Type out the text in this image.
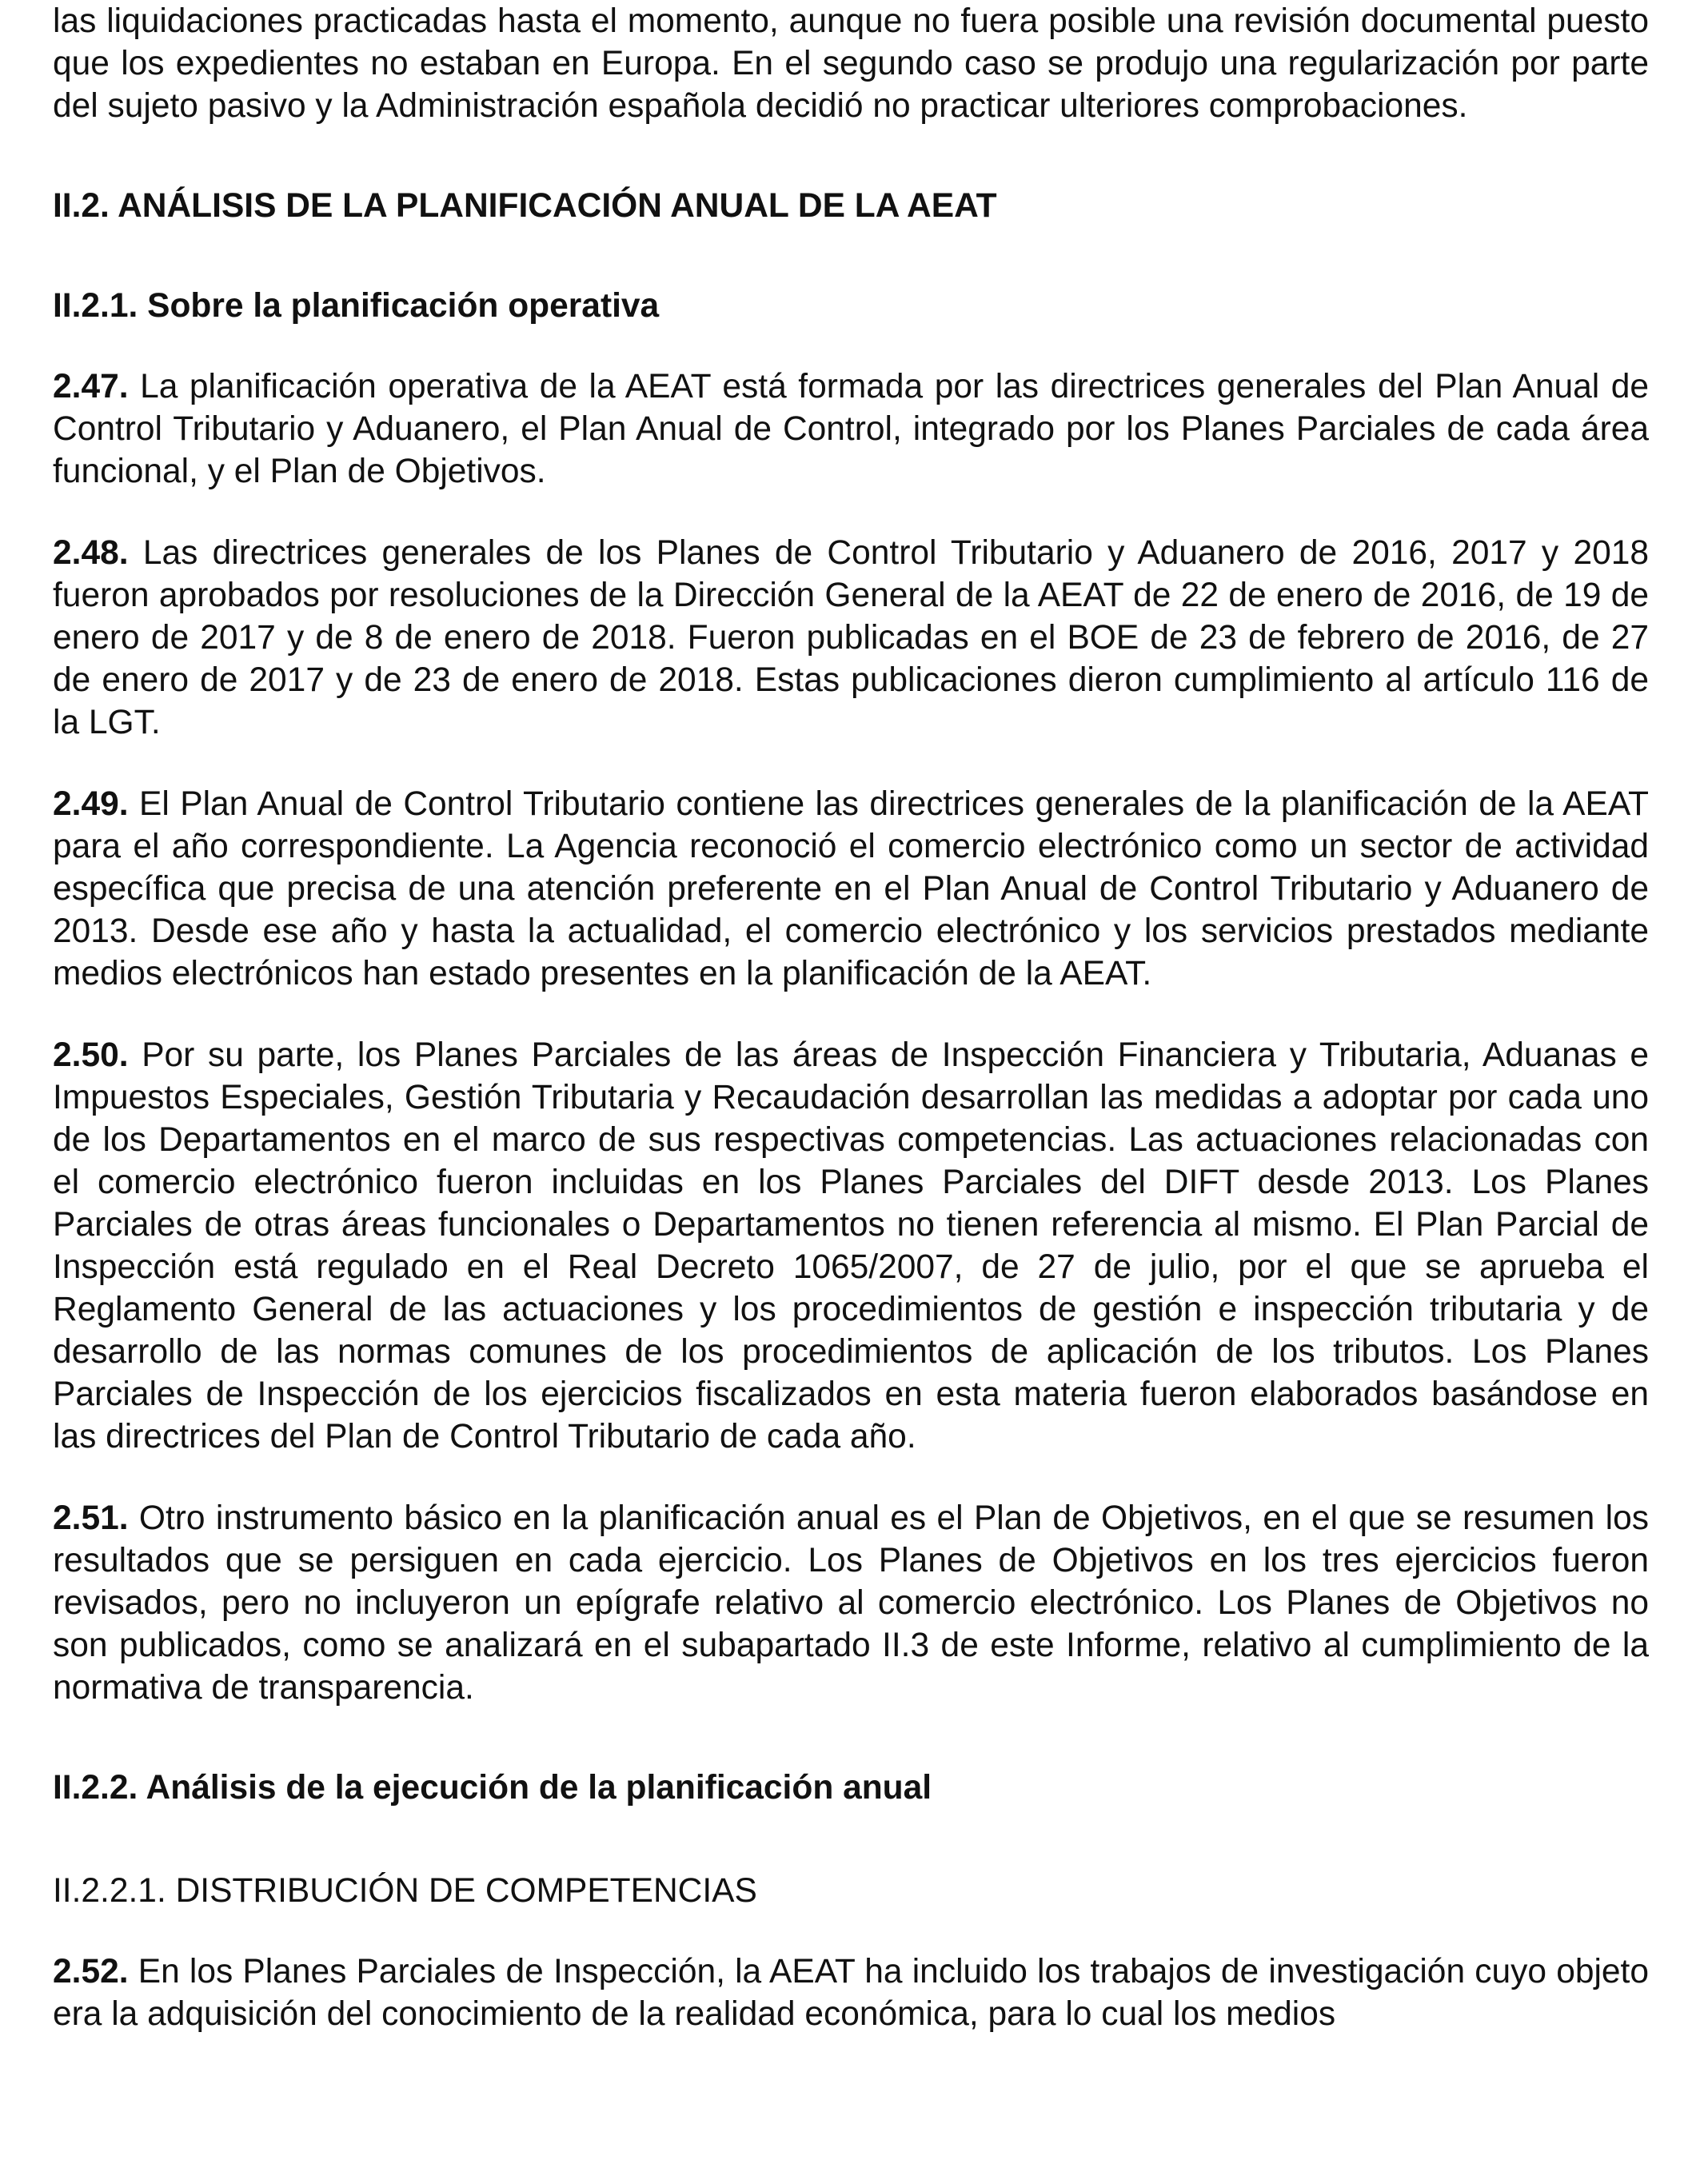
las liquidaciones practicadas hasta el momento, aunque no fuera posible una revisión documental puesto que los expedientes no estaban en Europa. En el segundo caso se produjo una regularización por parte del sujeto pasivo y la Administración española decidió no practicar ulteriores comprobaciones.

II.2. ANÁLISIS DE LA PLANIFICACIÓN ANUAL DE LA AEAT

II.2.1. Sobre la planificación operativa

2.47. La planificación operativa de la AEAT está formada por las directrices generales del Plan Anual de Control Tributario y Aduanero, el Plan Anual de Control, integrado por los Planes Parciales de cada área funcional, y el Plan de Objetivos.

2.48. Las directrices generales de los Planes de Control Tributario y Aduanero de 2016, 2017 y 2018 fueron aprobados por resoluciones de la Dirección General de la AEAT de 22 de enero de 2016, de 19 de enero de 2017 y de 8 de enero de 2018. Fueron publicadas en el BOE de 23 de febrero de 2016, de 27 de enero de 2017 y de 23 de enero de 2018. Estas publicaciones dieron cumplimiento al artículo 116 de la LGT.

2.49. El Plan Anual de Control Tributario contiene las directrices generales de la planificación de la AEAT para el año correspondiente. La Agencia reconoció el comercio electrónico como un sector de actividad específica que precisa de una atención preferente en el Plan Anual de Control Tributario y Aduanero de 2013. Desde ese año y hasta la actualidad, el comercio electrónico y los servicios prestados mediante medios electrónicos han estado presentes en la planificación de la AEAT.

2.50. Por su parte, los Planes Parciales de las áreas de Inspección Financiera y Tributaria, Aduanas e Impuestos Especiales, Gestión Tributaria y Recaudación desarrollan las medidas a adoptar por cada uno de los Departamentos en el marco de sus respectivas competencias. Las actuaciones relacionadas con el comercio electrónico fueron incluidas en los Planes Parciales del DIFT desde 2013. Los Planes Parciales de otras áreas funcionales o Departamentos no tienen referencia al mismo. El Plan Parcial de Inspección está regulado en el Real Decreto 1065/2007, de 27 de julio, por el que se aprueba el Reglamento General de las actuaciones y los procedimientos de gestión e inspección tributaria y de desarrollo de las normas comunes de los procedimientos de aplicación de los tributos. Los Planes Parciales de Inspección de los ejercicios fiscalizados en esta materia fueron elaborados basándose en las directrices del Plan de Control Tributario de cada año.

2.51. Otro instrumento básico en la planificación anual es el Plan de Objetivos, en el que se resumen los resultados que se persiguen en cada ejercicio. Los Planes de Objetivos en los tres ejercicios fueron revisados, pero no incluyeron un epígrafe relativo al comercio electrónico. Los Planes de Objetivos no son publicados, como se analizará en el subapartado II.3 de este Informe, relativo al cumplimiento de la normativa de transparencia.

II.2.2. Análisis de la ejecución de la planificación anual

II.2.2.1. DISTRIBUCIÓN DE COMPETENCIAS

2.52. En los Planes Parciales de Inspección, la AEAT ha incluido los trabajos de investigación cuyo objeto era la adquisición del conocimiento de la realidad económica, para lo cual los medios
